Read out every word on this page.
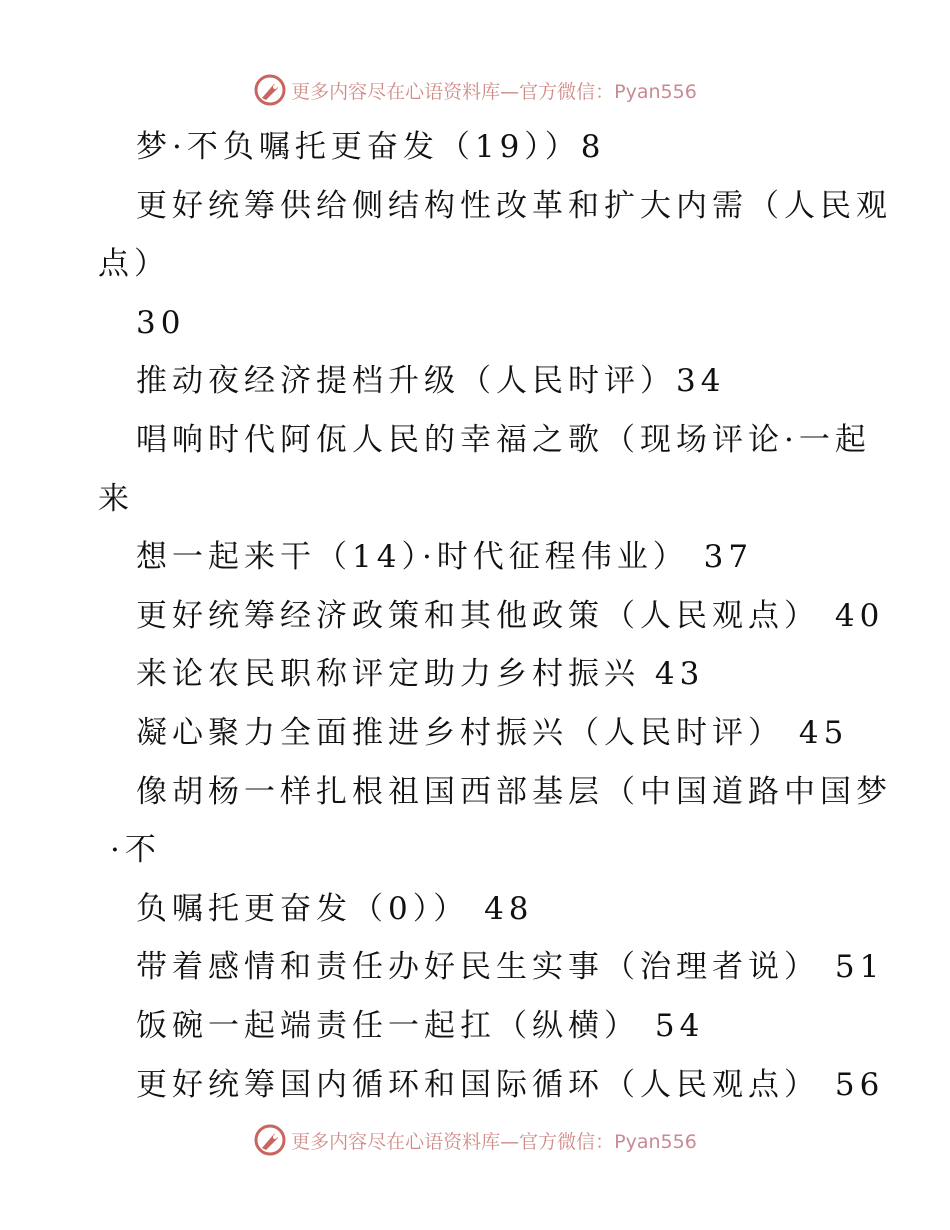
更多内容尽在心语资料库—官方微信：Pyan556
梦·不负嘱托更奋发（19））8
更好统筹供给侧结构性改革和扩大内需（人民观
点）
30
推动夜经济提档升级（人民时评）34
唱响时代阿佤人民的幸福之歌（现场评论·一起
来
想一起来干（14）·时代征程伟业） 37
更好统筹经济政策和其他政策（人民观点） 40
来论农民职称评定助力乡村振兴 43
凝心聚力全面推进乡村振兴（人民时评） 45
像胡杨一样扎根祖国西部基层（中国道路中国梦
·不
负嘱托更奋发（0）） 48
带着感情和责任办好民生实事（治理者说） 51
饭碗一起端责任一起扛（纵横） 54
更好统筹国内循环和国际循环（人民观点） 56
更多内容尽在心语资料库—官方微信：Pyan556
